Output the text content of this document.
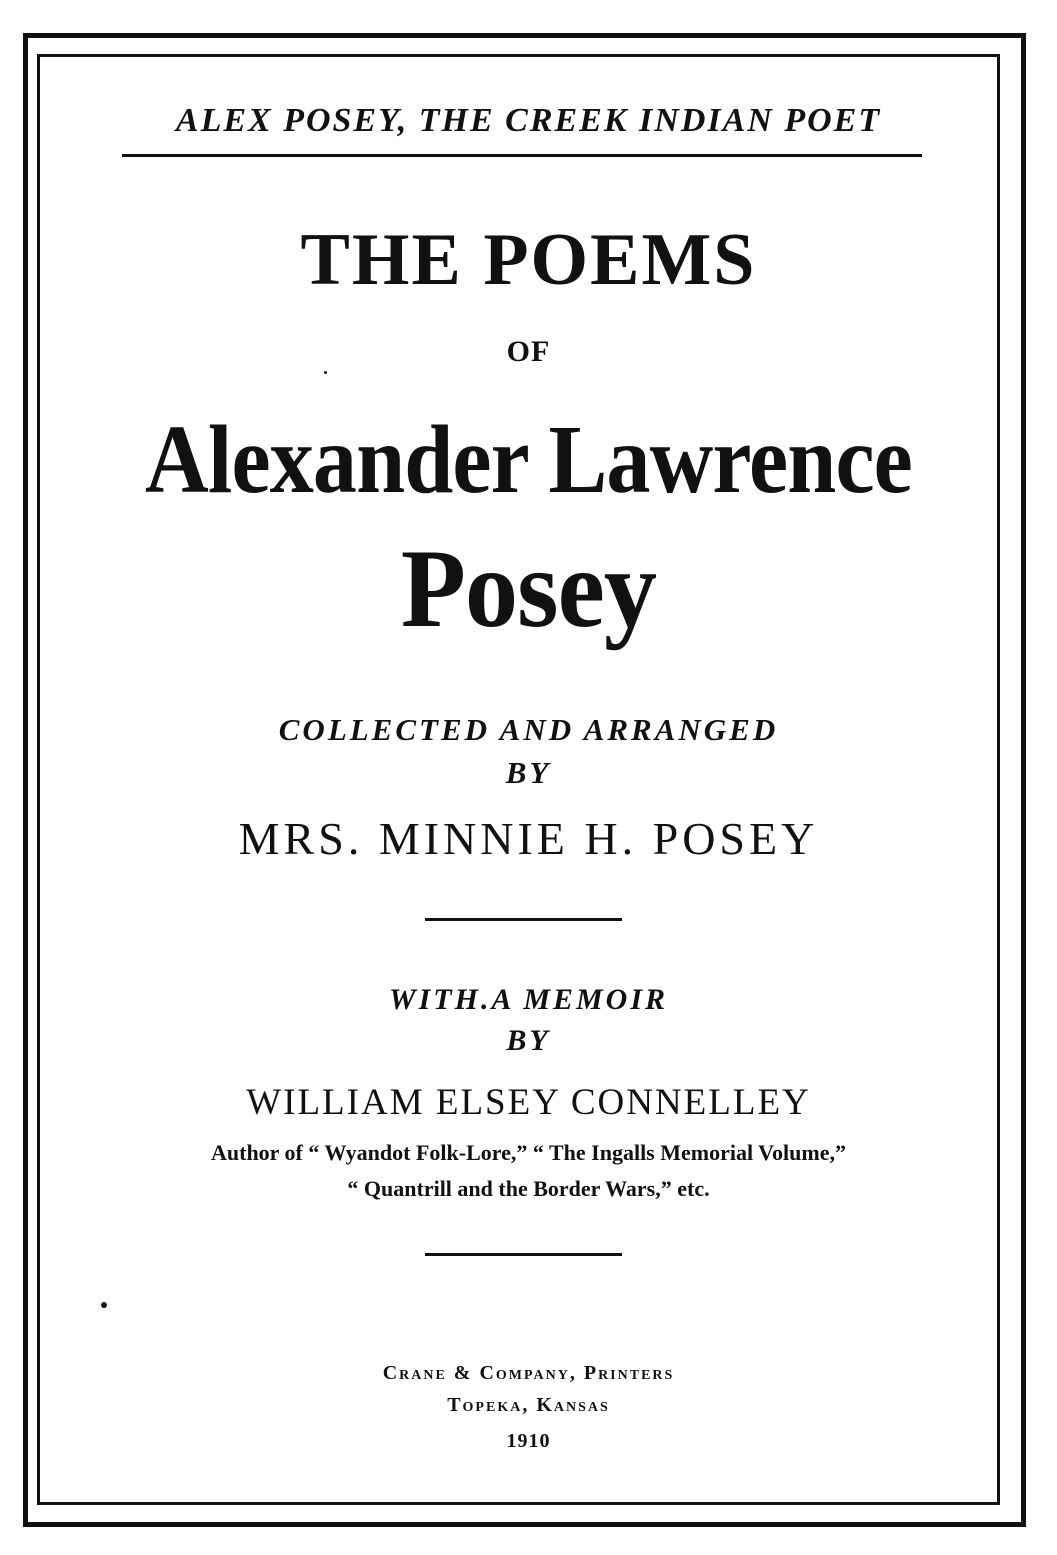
ALEX POSEY, THE CREEK INDIAN POET
THE POEMS
OF
Alexander Lawrence
Posey
COLLECTED AND ARRANGED
BY
MRS. MINNIE H. POSEY
WITH.A MEMOIR
BY
WILLIAM ELSEY CONNELLEY
Author of “ Wyandot Folk-Lore,” “ The Ingalls Memorial Volume,”
“ Quantrill and the Border Wars,” etc.
Crane & Company, Printers
Topeka, Kansas
1910
